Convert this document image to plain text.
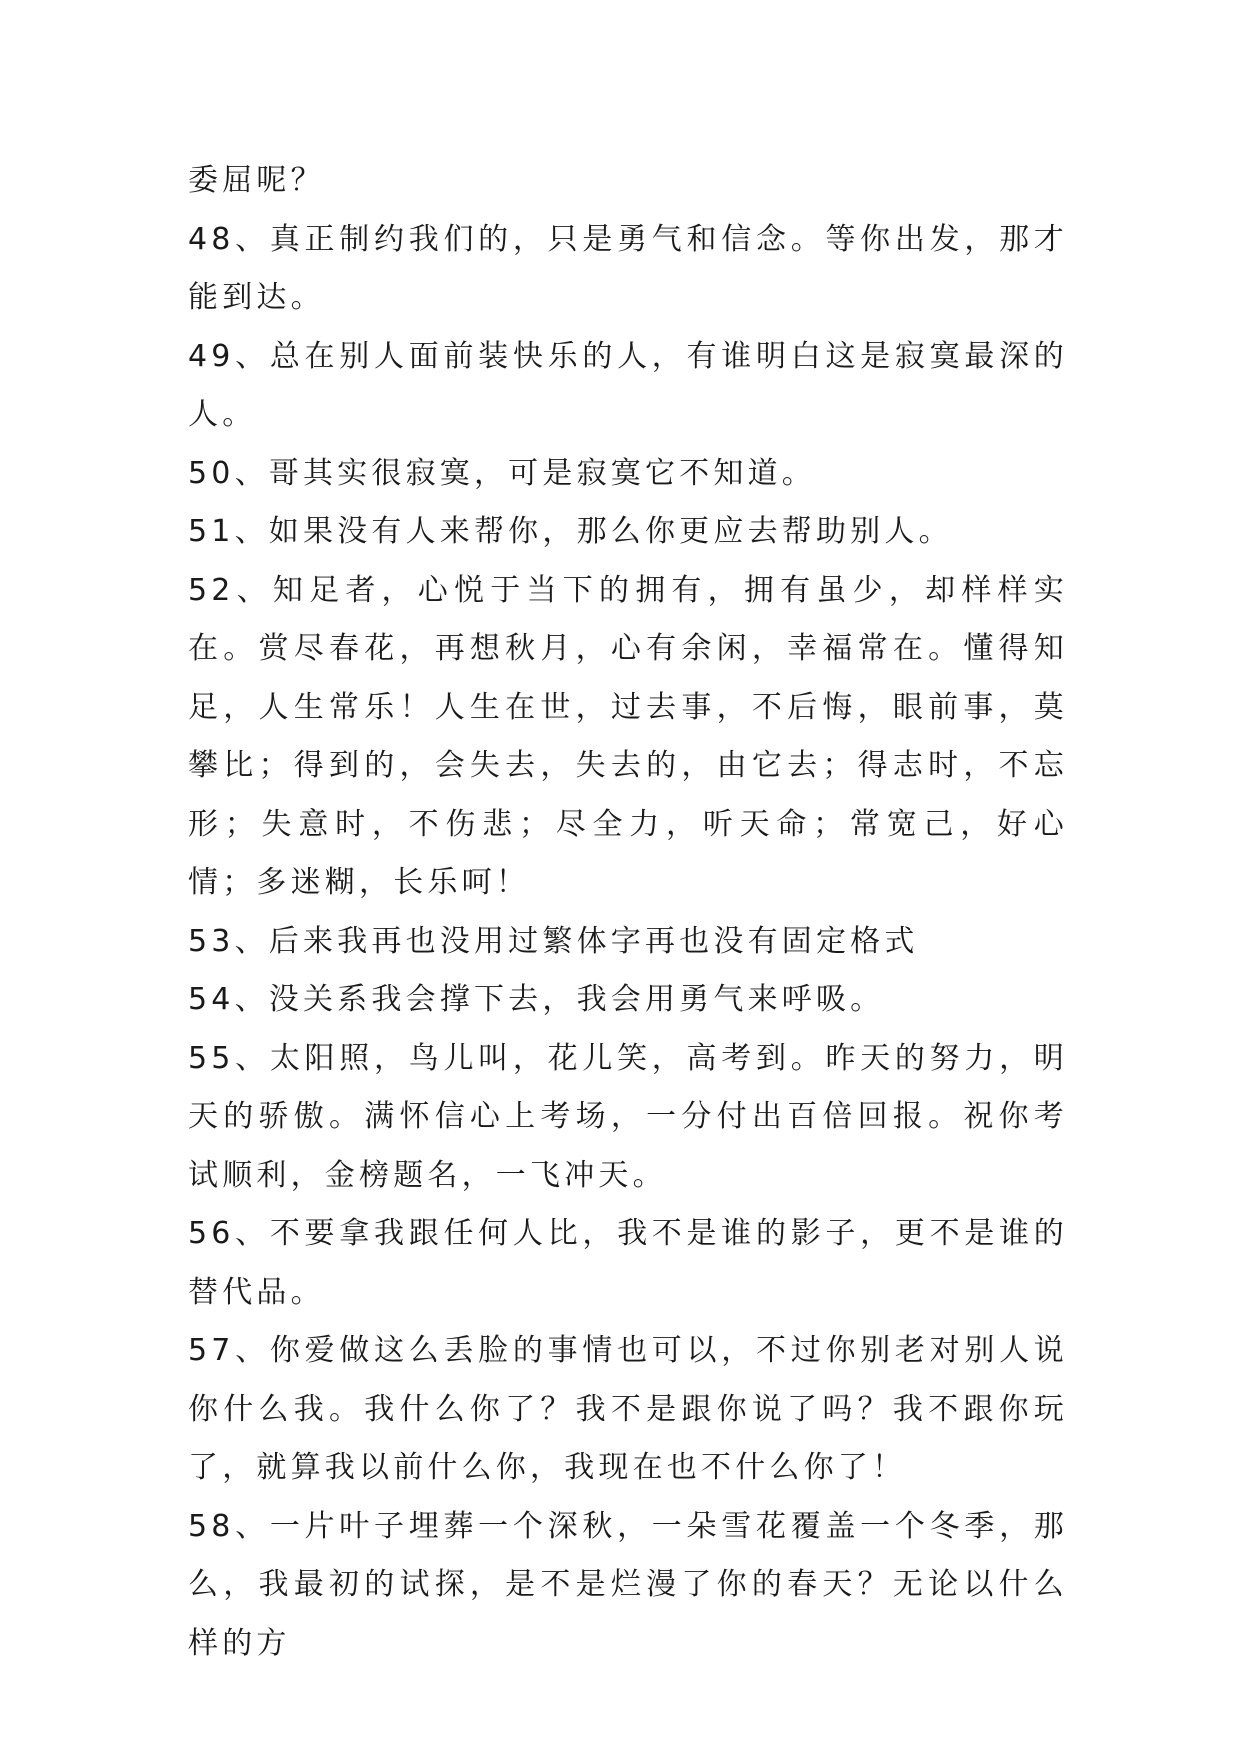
委屈呢？

48、真正制约我们的，只是勇气和信念。等你出发，那才能到达。

49、总在别人面前装快乐的人，有谁明白这是寂寞最深的人。

50、哥其实很寂寞，可是寂寞它不知道。

51、如果没有人来帮你，那么你更应去帮助别人。

52、知足者，心悦于当下的拥有，拥有虽少，却样样实在。赏尽春花，再想秋月，心有余闲，幸福常在。懂得知足，人生常乐！人生在世，过去事，不后悔，眼前事，莫攀比；得到的，会失去，失去的，由它去；得志时，不忘形；失意时，不伤悲；尽全力，听天命；常宽己，好心情；多迷糊，长乐呵！

53、后来我再也没用过繁体字再也没有固定格式

54、没关系我会撑下去，我会用勇气来呼吸。

55、太阳照，鸟儿叫，花儿笑，高考到。昨天的努力，明天的骄傲。满怀信心上考场，一分付出百倍回报。祝你考试顺利，金榜题名，一飞冲天。

56、不要拿我跟任何人比，我不是谁的影子，更不是谁的替代品。

57、你爱做这么丢脸的事情也可以，不过你别老对别人说你什么我。我什么你了？我不是跟你说了吗？我不跟你玩了，就算我以前什么你，我现在也不什么你了！

58、一片叶子埋葬一个深秋，一朵雪花覆盖一个冬季，那么，我最初的试探，是不是烂漫了你的春天？无论以什么样的方
